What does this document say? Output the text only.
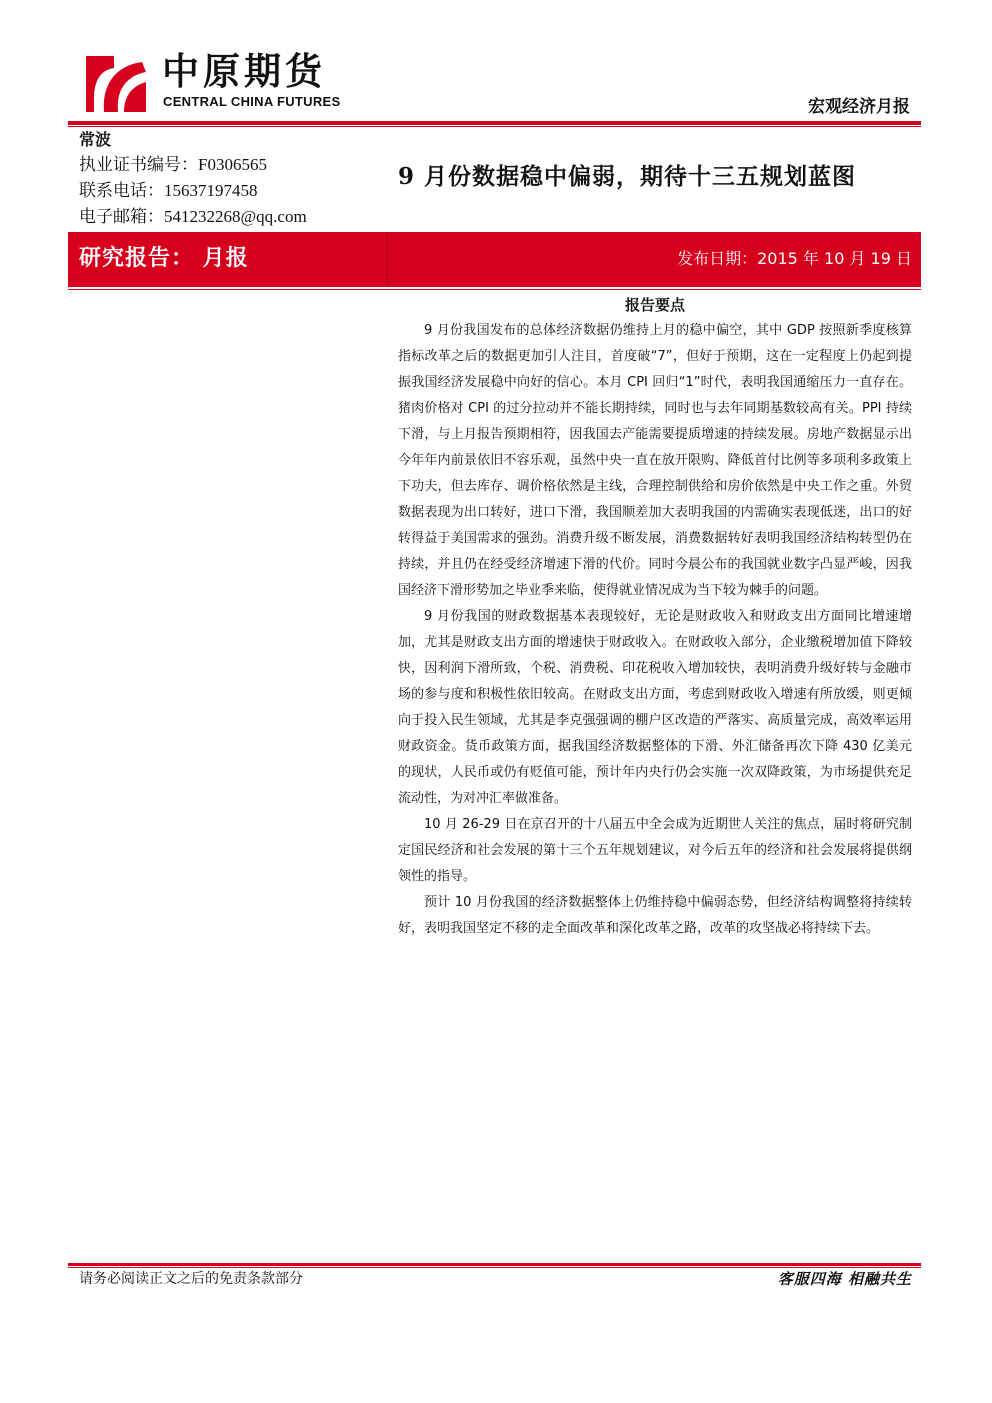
中原期货
CENTRAL CHINA FUTURES	宏观经济月报
常波
执业证书编号：F0306565
联系电话：15637197458
电子邮箱：541232268@qq.com
9 月份数据稳中偏弱，期待十三五规划蓝图
研究报告： 月报	发布日期：2015 年 10 月 19 日
报告要点

9 月份我国发布的总体经济数据仍维持上月的稳中偏空，其中 GDP 按照新季度核算指标改革之后的数据更加引人注目，首度破“7”，但好于预期，这在一定程度上仍起到提振我国经济发展稳中向好的信心。本月 CPI 回归“1”时代，表明我国通缩压力一直存在。猪肉价格对 CPI 的过分拉动并不能长期持续，同时也与去年同期基数较高有关。PPI 持续下滑，与上月报告预期相符，因我国去产能需要提质增速的持续发展。房地产数据显示出今年年内前景依旧不容乐观，虽然中央一直在放开限购、降低首付比例等多项利多政策上下功夫，但去库存、调价格依然是主线，合理控制供给和房价依然是中央工作之重。外贸数据表现为出口转好，进口下滑，我国顺差加大表明我国的内需确实表现低迷，出口的好转得益于美国需求的强劲。消费升级不断发展，消费数据转好表明我国经济结构转型仍在持续，并且仍在经受经济增速下滑的代价。同时今晨公布的我国就业数字凸显严峻，因我国经济下滑形势加之毕业季来临，使得就业情况成为当下较为棘手的问题。

9 月份我国的财政数据基本表现较好，无论是财政收入和财政支出方面同比增速增加，尤其是财政支出方面的增速快于财政收入。在财政收入部分，企业缴税增加值下降较快，因利润下滑所致，个税、消费税、印花税收入增加较快，表明消费升级好转与金融市场的参与度和积极性依旧较高。在财政支出方面，考虑到财政收入增速有所放缓，则更倾向于投入民生领域，尤其是李克强强调的棚户区改造的严落实、高质量完成，高效率运用财政资金。货币政策方面，据我国经济数据整体的下滑、外汇储备再次下降 430 亿美元的现状，人民币或仍有贬值可能，预计年内央行仍会实施一次双降政策，为市场提供充足流动性，为对冲汇率做准备。

10 月 26-29 日在京召开的十八届五中全会成为近期世人关注的焦点，届时将研究制定国民经济和社会发展的第十三个五年规划建议，对今后五年的经济和社会发展将提供纲领性的指导。

预计 10 月份我国的经济数据整体上仍维持稳中偏弱态势，但经济结构调整将持续转好，表明我国坚定不移的走全面改革和深化改革之路，改革的攻坚战必将持续下去。

请务必阅读正文之后的免责条款部分	客服四海 相融共生
